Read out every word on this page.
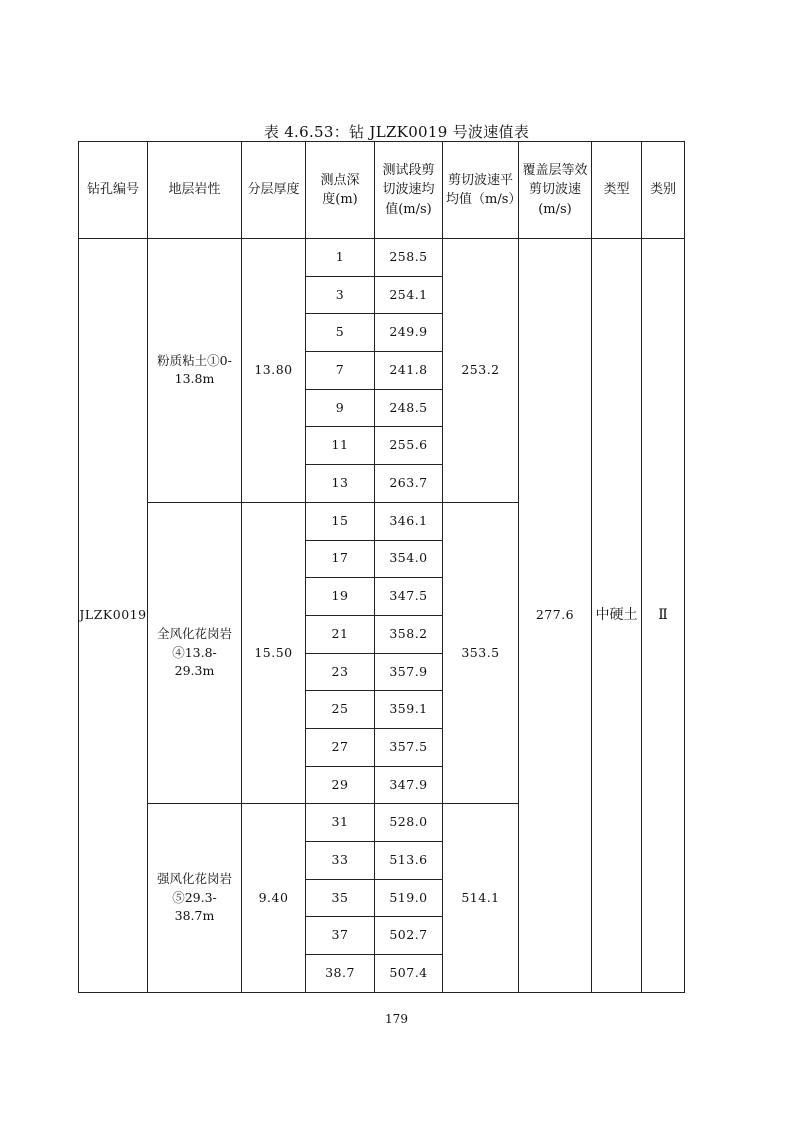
表 4.6.53：钻 JLZK0019 号波速值表
钻孔编号	地层岩性	分层厚度	测点深度(m)	测试段剪切波速均值(m/s)	剪切波速平均值（m/s）	覆盖层等效剪切波速(m/s)	类型	类别
JLZK0019	粉质粘土①0-13.8m	13.80	1	258.5	253.2	277.6	中硬土	Ⅱ
			3	254.1				
			5	249.9				
			7	241.8				
			9	248.5				
			11	255.6				
			13	263.7				
	全风化花岗岩④13.8-29.3m	15.50	15	346.1	353.5			
			17	354.0				
			19	347.5				
			21	358.2				
			23	357.9				
			25	359.1				
			27	357.5				
			29	347.9				
	强风化花岗岩⑤29.3-38.7m	9.40	31	528.0	514.1			
			33	513.6				
			35	519.0				
			37	502.7				
			38.7	507.4				
179
